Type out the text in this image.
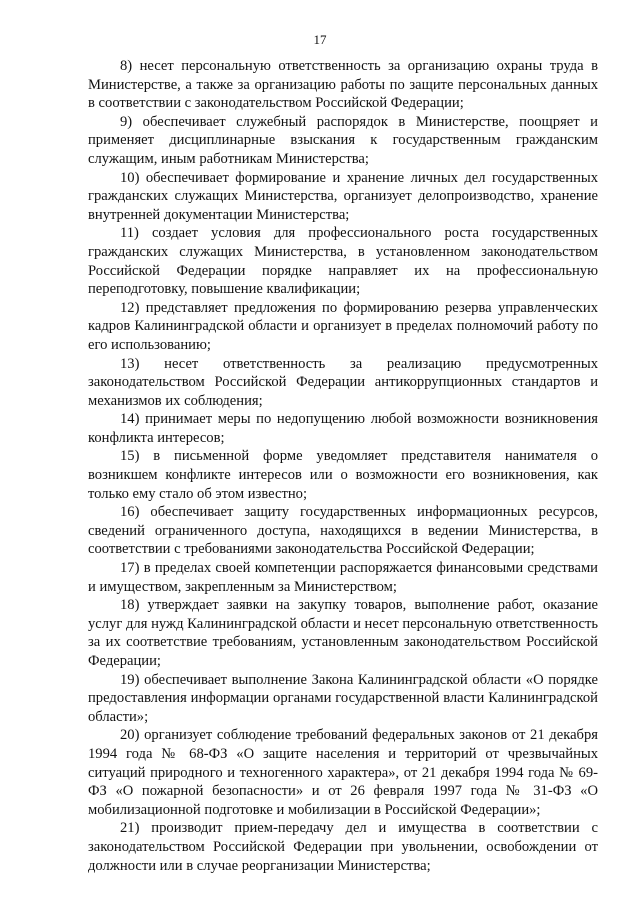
17

8) несет персональную ответственность за организацию охраны труда в Министерстве, а также за организацию работы по защите персональных данных в соответствии с законодательством Российской Федерации;

9) обеспечивает служебный распорядок в Министерстве, поощряет и применяет дисциплинарные взыскания к государственным гражданским служащим, иным работникам Министерства;

10) обеспечивает формирование и хранение личных дел государственных гражданских служащих Министерства, организует делопроизводство, хранение внутренней документации Министерства;

11) создает условия для профессионального роста государственных гражданских служащих Министерства, в установленном законодательством Российской Федерации порядке направляет их на профессиональную переподготовку, повышение квалификации;

12) представляет предложения по формированию резерва управленческих кадров Калининградской области и организует в пределах полномочий работу по его использованию;

13) несет ответственность за реализацию предусмотренных законодательством Российской Федерации антикоррупционных стандартов и механизмов их соблюдения;

14) принимает меры по недопущению любой возможности возникновения конфликта интересов;

15) в письменной форме уведомляет представителя нанимателя о возникшем конфликте интересов или о возможности его возникновения, как только ему стало об этом известно;

16) обеспечивает защиту государственных информационных ресурсов, сведений ограниченного доступа, находящихся в ведении Министерства, в соответствии с требованиями законодательства Российской Федерации;

17) в пределах своей компетенции распоряжается финансовыми средствами и имуществом, закрепленным за Министерством;

18) утверждает заявки на закупку товаров, выполнение работ, оказание услуг для нужд Калининградской области и несет персональную ответственность за их соответствие требованиям, установленным законодательством Российской Федерации;

19) обеспечивает выполнение Закона Калининградской области «О порядке предоставления информации органами государственной власти Калининградской области»;

20) организует соблюдение требований федеральных законов от 21 декабря 1994 года № 68-ФЗ «О защите населения и территорий от чрезвычайных ситуаций природного и техногенного характера», от 21 декабря 1994 года № 69-ФЗ «О пожарной безопасности» и от 26 февраля 1997 года № 31-ФЗ «О мобилизационной подготовке и мобилизации в Российской Федерации»;

21) производит прием-передачу дел и имущества в соответствии с законодательством Российской Федерации при увольнении, освобождении от должности или в случае реорганизации Министерства;
